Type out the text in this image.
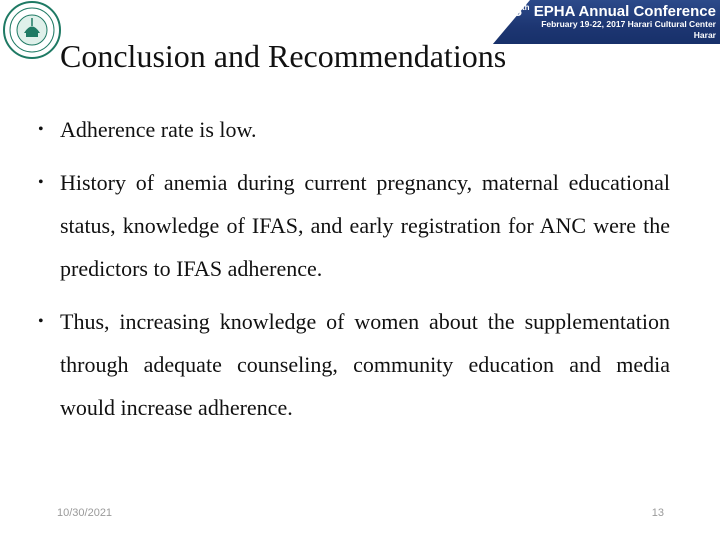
28th EPHA Annual Conference
February 19-22, 2017 Harari Cultural Center
Harar
Conclusion and Recommendations
• Adherence rate is low.
• History of anemia during current pregnancy, maternal educational status, knowledge of IFAS, and early registration for ANC were the predictors to IFAS adherence.
• Thus, increasing knowledge of women about the supplementation through adequate counseling, community education and media would increase adherence.
10/30/2021	13
